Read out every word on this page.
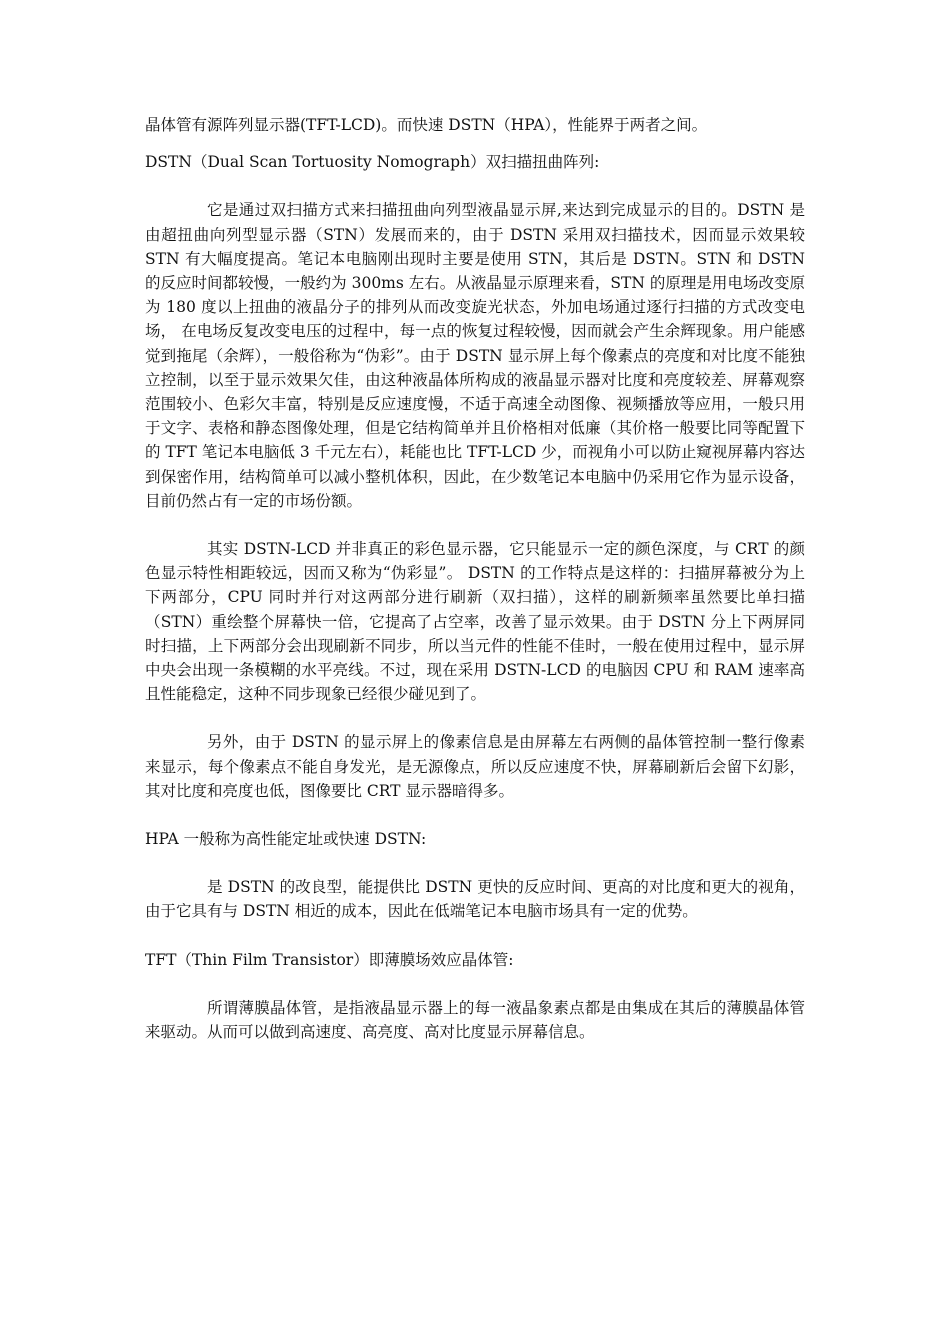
晶体管有源阵列显示器(TFT-LCD)。而快速 DSTN（HPA），性能界于两者之间。

DSTN（Dual Scan Tortuosity Nomograph）双扫描扭曲阵列:

它是通过双扫描方式来扫描扭曲向列型液晶显示屏,来达到完成显示的目的。DSTN 是由超扭曲向列型显示器（STN）发展而来的，由于 DSTN 采用双扫描技术，因而显示效果较 STN 有大幅度提高。笔记本电脑刚出现时主要是使用 STN，其后是 DSTN。STN 和 DSTN 的反应时间都较慢，一般约为 300ms 左右。从液晶显示原理来看，STN 的原理是用电场改变原为 180 度以上扭曲的液晶分子的排列从而改变旋光状态，外加电场通过逐行扫描的方式改变电场， 在电场反复改变电压的过程中，每一点的恢复过程较慢，因而就会产生余辉现象。用户能感觉到拖尾（余辉），一般俗称为“伪彩”。由于 DSTN 显示屏上每个像素点的亮度和对比度不能独立控制，以至于显示效果欠佳，由这种液晶体所构成的液晶显示器对比度和亮度较差、屏幕观察范围较小、色彩欠丰富，特别是反应速度慢，不适于高速全动图像、视频播放等应用，一般只用于文字、表格和静态图像处理，但是它结构简单并且价格相对低廉（其价格一般要比同等配置下的 TFT 笔记本电脑低 3 千元左右），耗能也比 TFT-LCD 少，而视角小可以防止窥视屏幕内容达到保密作用，结构简单可以减小整机体积，因此，在少数笔记本电脑中仍采用它作为显示设备，目前仍然占有一定的市场份额。

其实 DSTN-LCD 并非真正的彩色显示器，它只能显示一定的颜色深度，与 CRT 的颜色显示特性相距较远，因而又称为“伪彩显”。 DSTN 的工作特点是这样的：扫描屏幕被分为上下两部分，CPU 同时并行对这两部分进行刷新（双扫描），这样的刷新频率虽然要比单扫描（STN）重绘整个屏幕快一倍，它提高了占空率，改善了显示效果。由于 DSTN 分上下两屏同时扫描，上下两部分会出现刷新不同步，所以当元件的性能不佳时，一般在使用过程中，显示屏中央会出现一条模糊的水平亮线。不过，现在采用 DSTN-LCD 的电脑因 CPU 和 RAM 速率高且性能稳定，这种不同步现象已经很少碰见到了。

另外，由于 DSTN 的显示屏上的像素信息是由屏幕左右两侧的晶体管控制一整行像素来显示，每个像素点不能自身发光，是无源像点，所以反应速度不快，屏幕刷新后会留下幻影，其对比度和亮度也低，图像要比 CRT 显示器暗得多。

HPA 一般称为高性能定址或快速 DSTN:

是 DSTN 的改良型，能提供比 DSTN 更快的反应时间、更高的对比度和更大的视角，由于它具有与 DSTN 相近的成本，因此在低端笔记本电脑市场具有一定的优势。

TFT（Thin Film Transistor）即薄膜场效应晶体管:

所谓薄膜晶体管，是指液晶显示器上的每一液晶象素点都是由集成在其后的薄膜晶体管来驱动。从而可以做到高速度、高亮度、高对比度显示屏幕信息。
